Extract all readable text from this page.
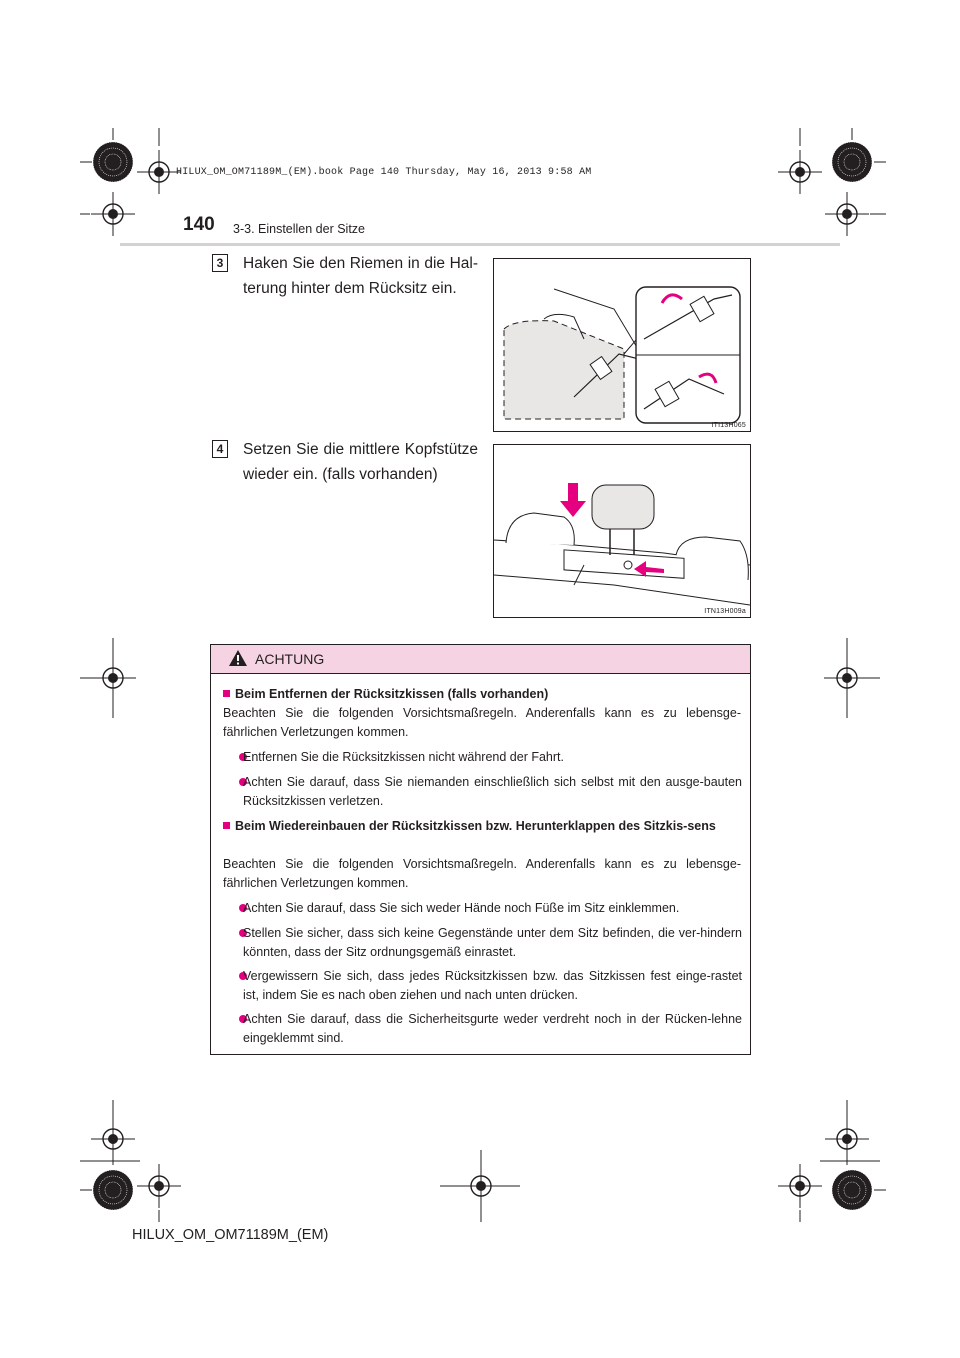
HILUX_OM_OM71189M_(EM).book Page 140 Thursday, May 16, 2013 9:58 AM
140 3-3. Einstellen der Sitze
3	Haken Sie den Riemen in die Hal-terung hinter dem Rücksitz ein.
ITI13H065
4	Setzen Sie die mittlere Kopfstütze wieder ein. (falls vorhanden)
ITN13H009a
ACHTUNG
Beim Entfernen der Rücksitzkissen (falls vorhanden)
Beachten Sie die folgenden Vorsichtsmaßregeln. Anderenfalls kann es zu lebensge-fährlichen Verletzungen kommen.
Entfernen Sie die Rücksitzkissen nicht während der Fahrt.
Achten Sie darauf, dass Sie niemanden einschließlich sich selbst mit den ausge-bauten Rücksitzkissen verletzen.
Beim Wiedereinbauen der Rücksitzkissen bzw. Herunterklappen des Sitzkis-sens
Beachten Sie die folgenden Vorsichtsmaßregeln. Anderenfalls kann es zu lebensge-fährlichen Verletzungen kommen.
Achten Sie darauf, dass Sie sich weder Hände noch Füße im Sitz einklemmen.
Stellen Sie sicher, dass sich keine Gegenstände unter dem Sitz befinden, die ver-hindern könnten, dass der Sitz ordnungsgemäß einrastet.
Vergewissern Sie sich, dass jedes Rücksitzkissen bzw. das Sitzkissen fest einge-rastet ist, indem Sie es nach oben ziehen und nach unten drücken.
Achten Sie darauf, dass die Sicherheitsgurte weder verdreht noch in der Rücken-lehne eingeklemmt sind.
HILUX_OM_OM71189M_(EM)
